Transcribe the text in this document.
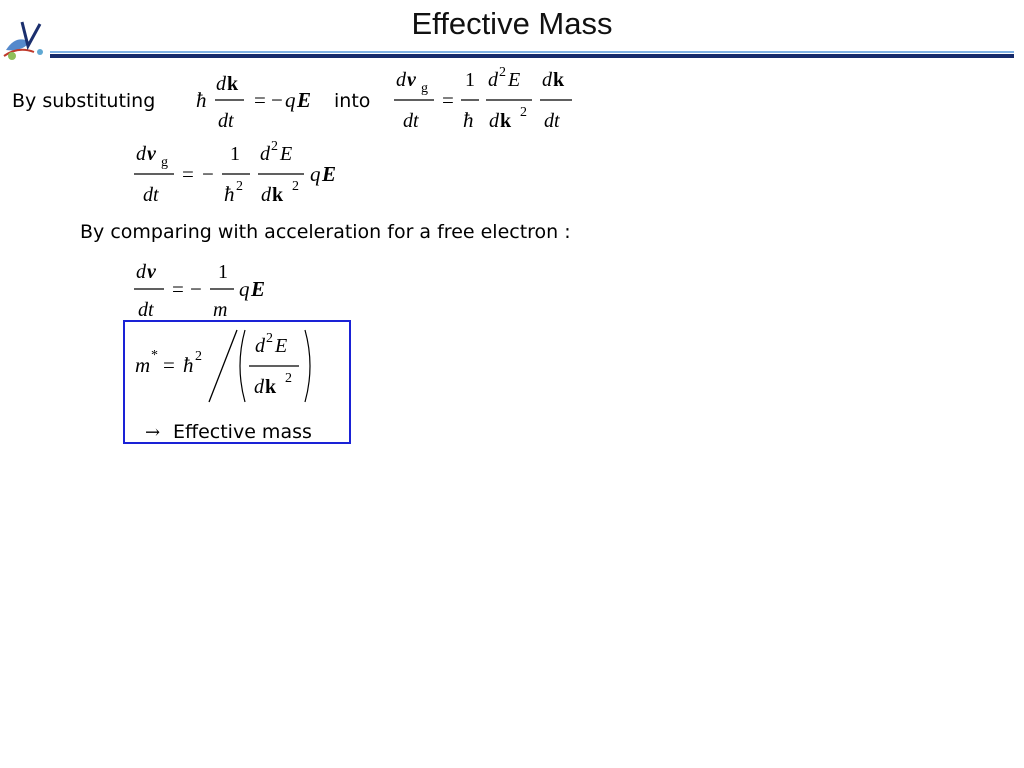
Effective Mass
By substituting ħ
d k
dt
= − q E into
d v g
dt
=
1
ħ
d 2 E
d k 2
d k
dt
d v g
dt
= −
1
ħ 2
d 2 E
d k 2
q E
By comparing with acceleration for a free electron :
d v
dt
= −
1
m
q E
m * = ħ 2	d 2 E
d k 2
→ Effective mass
